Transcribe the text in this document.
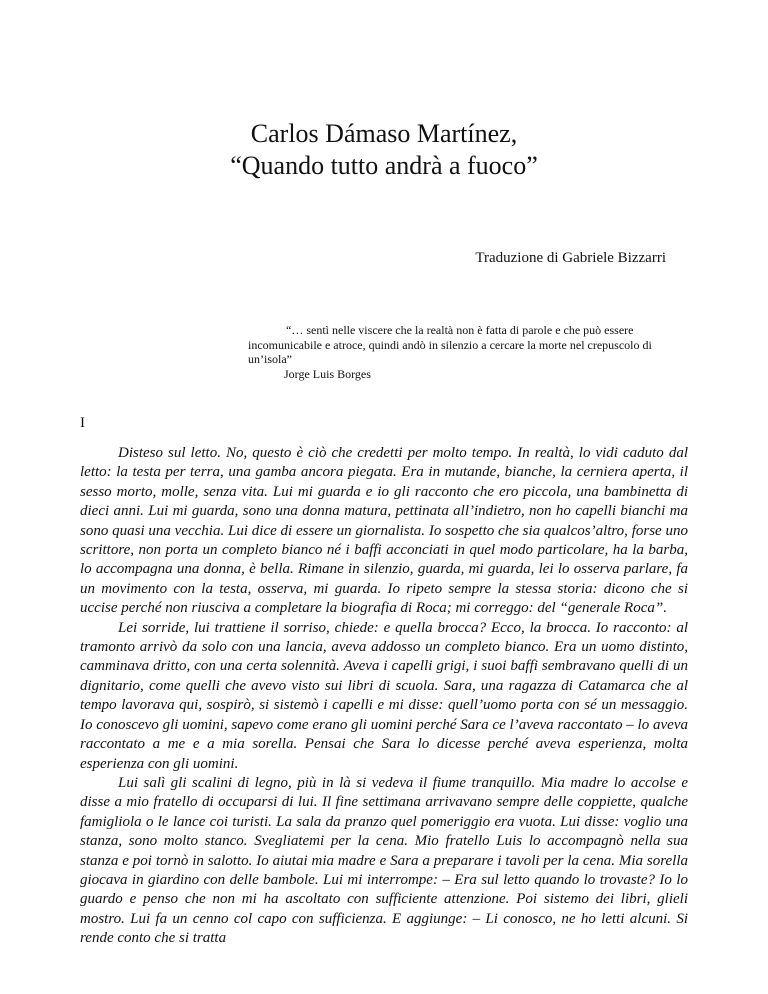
Carlos Dámaso Martínez,
“Quando tutto andrà a fuoco”

Traduzione di Gabriele Bizzarri

“… sentì nelle viscere che la realtà non è fatta di parole e che può essere incomunicabile e atroce, quindi andò in silenzio a cercare la morte nel crepuscolo di un’isola”

Jorge Luis Borges

I

Disteso sul letto. No, questo è ciò che credetti per molto tempo. In realtà, lo vidi caduto dal letto: la testa per terra, una gamba ancora piegata. Era in mutande, bianche, la cerniera aperta, il sesso morto, molle, senza vita. Lui mi guarda e io gli racconto che ero piccola, una bambinetta di dieci anni. Lui mi guarda, sono una donna matura, pettinata all’indietro, non ho capelli bianchi ma sono quasi una vecchia. Lui dice di essere un giornalista. Io sospetto che sia qualcos’altro, forse uno scrittore, non porta un completo bianco né i baffi acconciati in quel modo particolare, ha la barba, lo accompagna una donna, è bella. Rimane in silenzio, guarda, mi guarda, lei lo osserva parlare, fa un movimento con la testa, osserva, mi guarda. Io ripeto sempre la stessa storia: dicono che si uccise perché non riusciva a completare la biografia di Roca; mi correggo: del “generale Roca”.

Lei sorride, lui trattiene il sorriso, chiede: e quella brocca? Ecco, la brocca. Io racconto: al tramonto arrivò da solo con una lancia, aveva addosso un completo bianco. Era un uomo distinto, camminava dritto, con una certa solennità. Aveva i capelli grigi, i suoi baffi sembravano quelli di un dignitario, come quelli che avevo visto sui libri di scuola. Sara, una ragazza di Catamarca che al tempo lavorava qui, sospirò, si sistemò i capelli e mi disse: quell’uomo porta con sé un messaggio. Io conoscevo gli uomini, sapevo come erano gli uomini perché Sara ce l’aveva raccontato – lo aveva raccontato a me e a mia sorella. Pensai che Sara lo dicesse perché aveva esperienza, molta esperienza con gli uomini.

Lui salì gli scalini di legno, più in là si vedeva il fiume tranquillo. Mia madre lo accolse e disse a mio fratello di occuparsi di lui. Il fine settimana arrivavano sempre delle coppiette, qualche famigliola o le lance coi turisti. La sala da pranzo quel pomeriggio era vuota. Lui disse: voglio una stanza, sono molto stanco. Svegliatemi per la cena. Mio fratello Luis lo accompagnò nella sua stanza e poi tornò in salotto. Io aiutai mia madre e Sara a preparare i tavoli per la cena. Mia sorella giocava in giardino con delle bambole. Lui mi interrompe: – Era sul letto quando lo trovaste? Io lo guardo e penso che non mi ha ascoltato con sufficiente attenzione. Poi sistemo dei libri, glieli mostro. Lui fa un cenno col capo con sufficienza. E aggiunge: – Li conosco, ne ho letti alcuni. Si rende conto che si tratta
